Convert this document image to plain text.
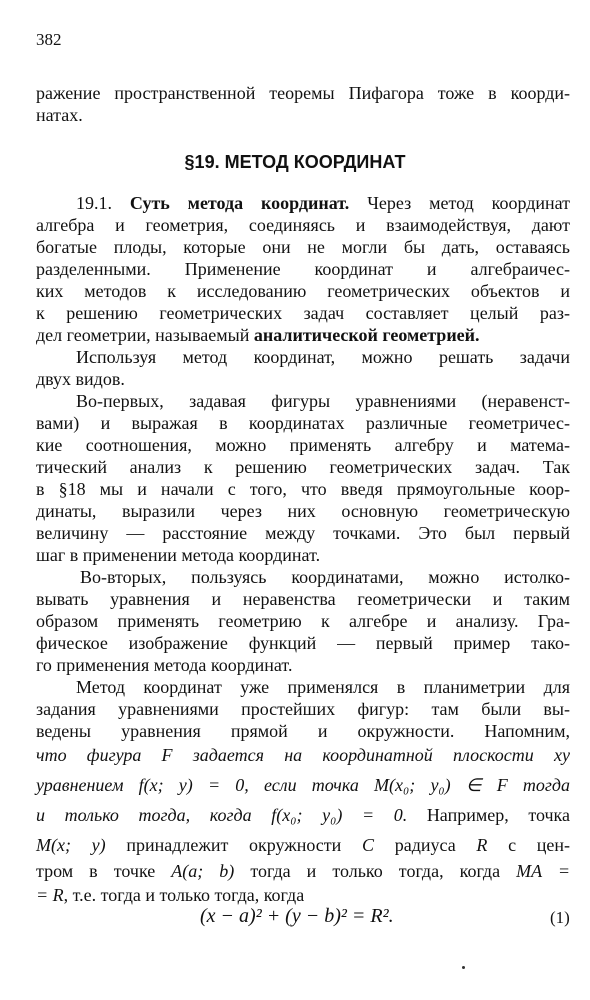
382
ражение пространственной теоремы Пифагора тоже в коорди-
натах.
§19. МЕТОД КООРДИНАТ
19.1. Суть метода координат. Через метод координат
алгебра и геометрия, соединяясь и взаимодействуя, дают
богатые плоды, которые они не могли бы дать, оставаясь
разделенными. Применение координат и алгебраичес-
ких методов к исследованию геометрических объектов и
к решению геометрических задач составляет целый раз-
дел геометрии, называемый аналитической геометрией.
Используя метод координат, можно решать задачи
двух видов.
Во-первых, задавая фигуры уравнениями (неравенст-
вами) и выражая в координатах различные геометричес-
кие соотношения, можно применять алгебру и матема-
тический анализ к решению геометрических задач. Так
в §18 мы и начали с того, что введя прямоугольные коор-
динаты, выразили через них основную геометрическую
величину — расстояние между точками. Это был первый
шаг в применении метода координат.
Во-вторых, пользуясь координатами, можно истолко-
вывать уравнения и неравенства геометрически и таким
образом применять геометрию к алгебре и анализу. Гра-
фическое изображение функций — первый пример тако-
го применения метода координат.
Метод координат уже применялся в планиметрии для
задания уравнениями простейших фигур: там были вы-
ведены уравнения прямой и окружности. Напомним,
что фигура F задается на координатной плоскости xy
уравнением f(x; y) = 0, если точка M(x₀; y₀) ∈ F тогда
и только тогда, когда f(x₀; y₀) = 0. Например, точка
M(x; y) принадлежит окружности C радиуса R с цен-
тром в точке A(a; b) тогда и только тогда, когда MA =
= R, т.е. тогда и только тогда, когда
(x − a)² + (y − b)² = R².	(1)
